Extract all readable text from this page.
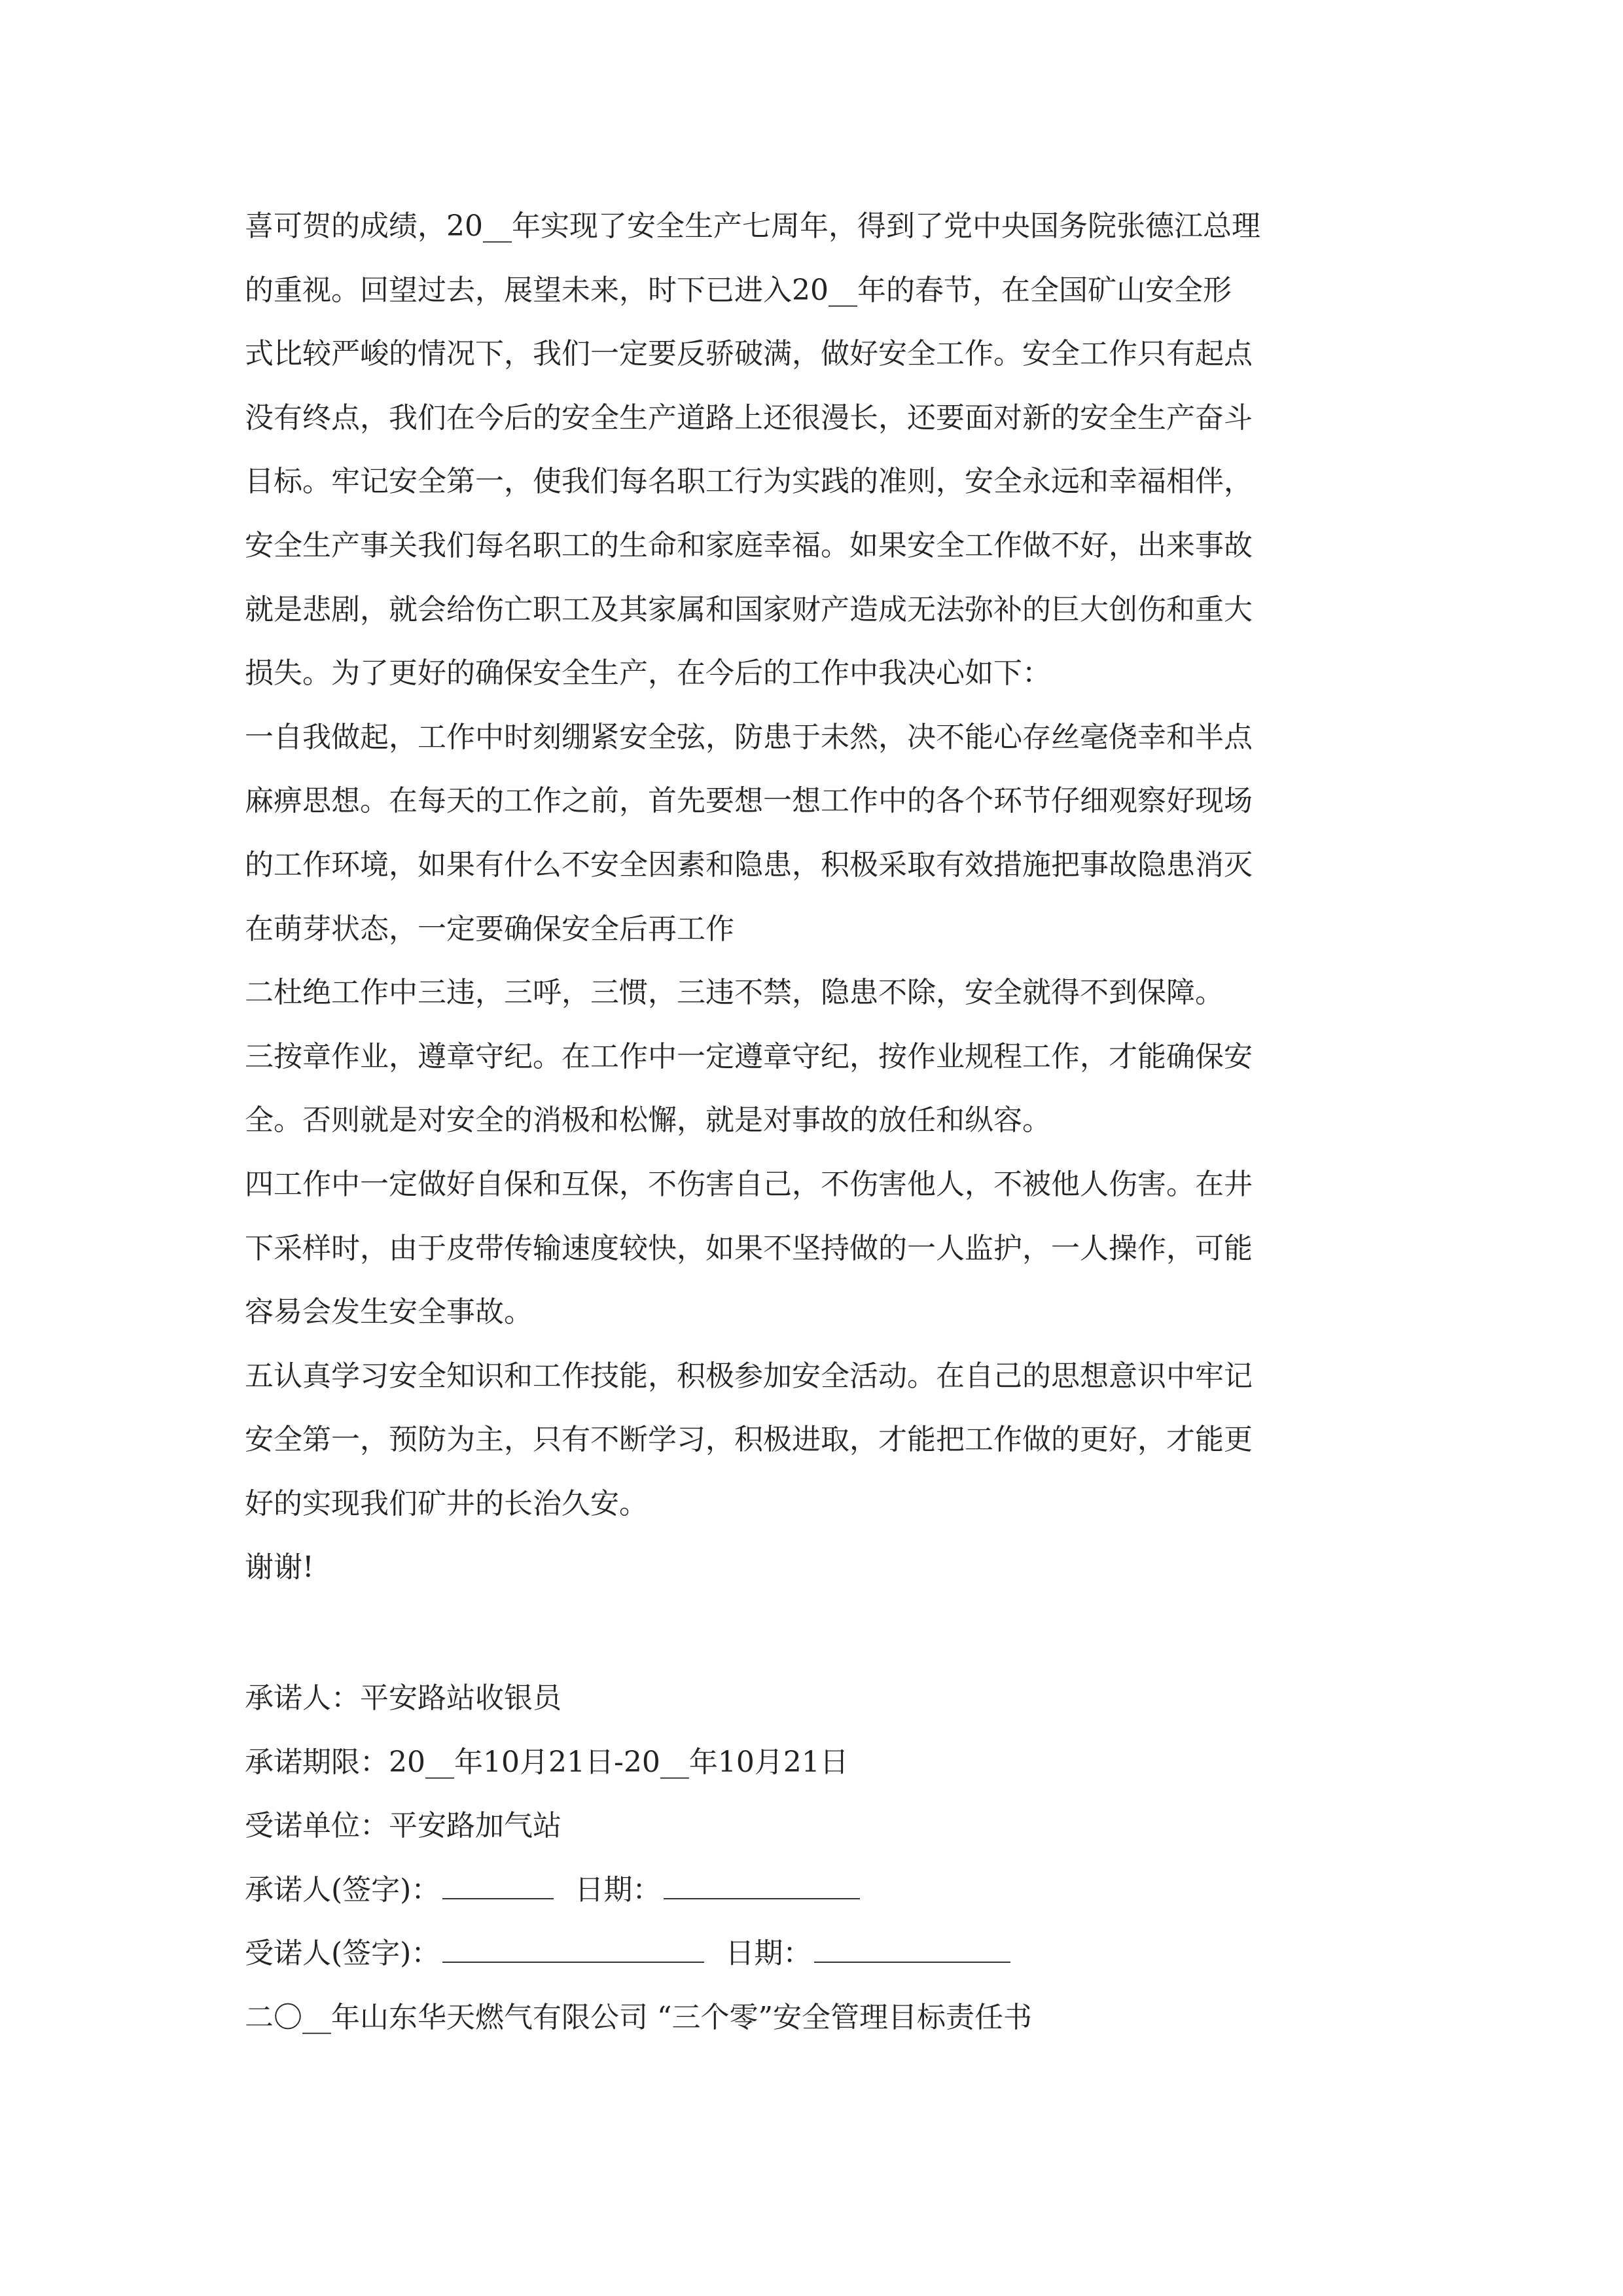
喜可贺的成绩，20__年实现了安全生产七周年，得到了党中央国务院张德江总理
的重视。回望过去，展望未来，时下已进入20__年的春节，在全国矿山安全形
式比较严峻的情况下，我们一定要反骄破满，做好安全工作。安全工作只有起点
没有终点，我们在今后的安全生产道路上还很漫长，还要面对新的安全生产奋斗
目标。牢记安全第一，使我们每名职工行为实践的准则，安全永远和幸福相伴，
安全生产事关我们每名职工的生命和家庭幸福。如果安全工作做不好，出来事故
就是悲剧，就会给伤亡职工及其家属和国家财产造成无法弥补的巨大创伤和重大
损失。为了更好的确保安全生产，在今后的工作中我决心如下：
一自我做起，工作中时刻绷紧安全弦，防患于未然，决不能心存丝毫侥幸和半点
麻痹思想。在每天的工作之前，首先要想一想工作中的各个环节仔细观察好现场
的工作环境，如果有什么不安全因素和隐患，积极采取有效措施把事故隐患消灭
在萌芽状态，一定要确保安全后再工作
二杜绝工作中三违，三呼，三惯，三违不禁，隐患不除，安全就得不到保障。
三按章作业，遵章守纪。在工作中一定遵章守纪，按作业规程工作，才能确保安
全。否则就是对安全的消极和松懈，就是对事故的放任和纵容。
四工作中一定做好自保和互保，不伤害自己，不伤害他人，不被他人伤害。在井
下采样时，由于皮带传输速度较快，如果不坚持做的一人监护，一人操作，可能
容易会发生安全事故。
五认真学习安全知识和工作技能，积极参加安全活动。在自己的思想意识中牢记
安全第一，预防为主，只有不断学习，积极进取，才能把工作做的更好，才能更
好的实现我们矿井的长治久安。
谢谢!
承诺人：平安路站收银员
承诺期限：20__年10月21日-20__年10月21日
受诺单位：平安路加气站
承诺人(签字)：	日期：
受诺人(签字)：	日期：
二〇__年山东华天燃气有限公司 “三个零”安全管理目标责任书
